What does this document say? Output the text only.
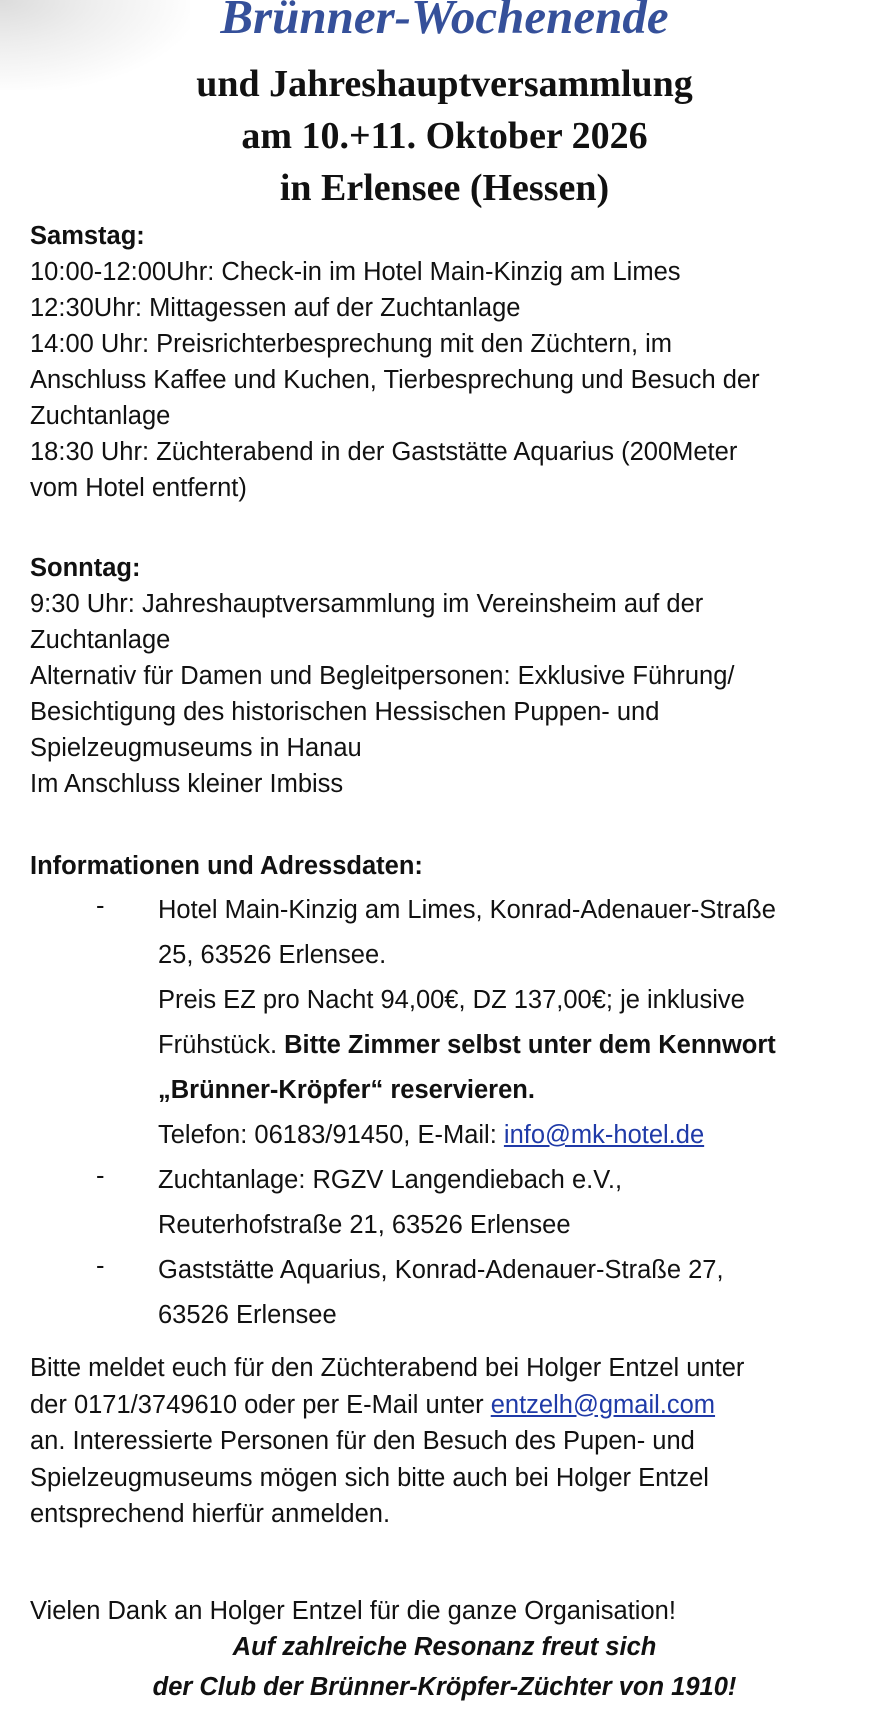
Brünner-Wochenende
und Jahreshauptversammlung
am 10.+11. Oktober 2026
in Erlensee (Hessen)

Samstag:

10:00-12:00Uhr: Check-in im Hotel Main-Kinzig am Limes

12:30Uhr: Mittagessen auf der Zuchtanlage

14:00 Uhr: Preisrichterbesprechung mit den Züchtern, im

Anschluss Kaffee und Kuchen, Tierbesprechung und Besuch der

Zuchtanlage

18:30 Uhr: Züchterabend in der Gaststätte Aquarius (200Meter

vom Hotel entfernt)

Sonntag:

9:30 Uhr: Jahreshauptversammlung im Vereinsheim auf der

Zuchtanlage

Alternativ für Damen und Begleitpersonen: Exklusive Führung/

Besichtigung des historischen Hessischen Puppen- und

Spielzeugmuseums in Hanau

Im Anschluss kleiner Imbiss

Informationen und Adressdaten:

- Hotel Main-Kinzig am Limes, Konrad-Adenauer-Straße

25, 63526 Erlensee.

Preis EZ pro Nacht 94,00€, DZ 137,00€; je inklusive

Frühstück. Bitte Zimmer selbst unter dem Kennwort

„Brünner-Kröpfer“ reservieren.

Telefon: 06183/91450, E-Mail: info@mk-hotel.de

- Zuchtanlage: RGZV Langendiebach e.V.,

Reuterhofstraße 21, 63526 Erlensee

- Gaststätte Aquarius, Konrad-Adenauer-Straße 27,

63526 Erlensee

Bitte meldet euch für den Züchterabend bei Holger Entzel unter
der 0171/3749610 oder per E-Mail unter entzelh@gmail.com
an. Interessierte Personen für den Besuch des Pupen- und
Spielzeugmuseums mögen sich bitte auch bei Holger Entzel
entsprechend hierfür anmelden.

Vielen Dank an Holger Entzel für die ganze Organisation!

Auf zahlreiche Resonanz freut sich
der Club der Brünner-Kröpfer-Züchter von 1910!
